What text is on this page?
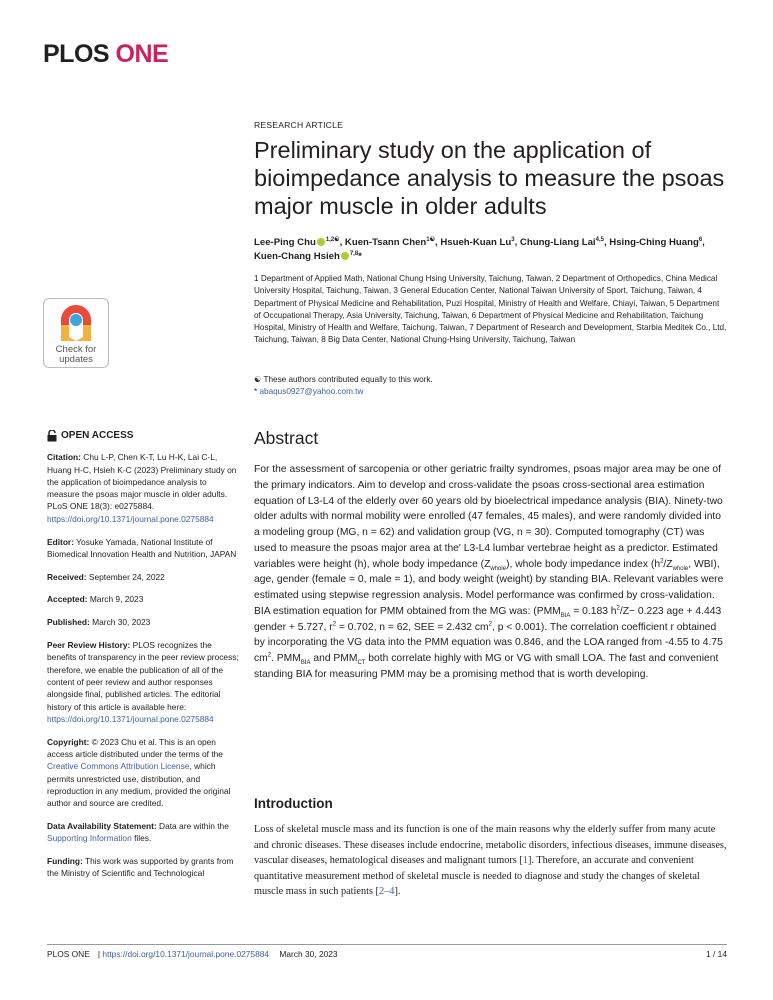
PLOS ONE
Check for
updates

OPEN ACCESS

Citation: Chu L-P, Chen K-T, Lu H-K, Lai C-L, Huang H-C, Hsieh K-C (2023) Preliminary study on the application of bioimpedance analysis to measure the psoas major muscle in older adults. PLoS ONE 18(3): e0275884. https://doi.org/10.1371/journal.pone.0275884

Editor: Yosuke Yamada, National Institute of Biomedical Innovation Health and Nutrition, JAPAN

Received: September 24, 2022

Accepted: March 9, 2023

Published: March 30, 2023

Peer Review History: PLOS recognizes the benefits of transparency in the peer review process; therefore, we enable the publication of all of the content of peer review and author responses alongside final, published articles. The editorial history of this article is available here: https://doi.org/10.1371/journal.pone.0275884

Copyright: © 2023 Chu et al. This is an open access article distributed under the terms of the Creative Commons Attribution License, which permits unrestricted use, distribution, and reproduction in any medium, provided the original author and source are credited.

Data Availability Statement: Data are within the Supporting Information files.

Funding: This work was supported by grants from the Ministry of Scientific and Technological

RESEARCH ARTICLE
Preliminary study on the application of bioimpedance analysis to measure the psoas major muscle in older adults
Lee-Ping Chu $^{1,2☯}$, Kuen-Tsann Chen$^{1☯}$, Hsueh-Kuan Lu$^3$, Chung-Liang Lai$^{4,5}$, Hsing-Ching Huang$^6$, Kuen-Chang Hsieh $^{7,8}$*
1 Department of Applied Math, National Chung Hsing University, Taichung, Taiwan, 2 Department of Orthopedics, China Medical University Hospital, Taichung, Taiwan, 3 General Education Center, National Taiwan University of Sport, Taichung, Taiwan, 4 Department of Physical Medicine and Rehabilitation, Puzi Hospital, Ministry of Health and Welfare, Chiayi, Taiwan, 5 Department of Occupational Therapy, Asia University, Taichung, Taiwan, 6 Department of Physical Medicine and Rehabilitation, Taichung Hospital, Ministry of Health and Welfare, Taichung, Taiwan, 7 Department of Research and Development, Starbia Meditek Co., Ltd, Taichung, Taiwan, 8 Big Data Center, National Chung-Hsing University, Taichung, Taiwan
☯ These authors contributed equally to this work.
* abaqus0927@yahoo.com.tw
Abstract
For the assessment of sarcopenia or other geriatric frailty syndromes, psoas major area may be one of the primary indicators. Aim to develop and cross-validate the psoas cross-sectional area estimation equation of L3-L4 of the elderly over 60 years old by bioelectrical impedance analysis (BIA). Ninety-two older adults with normal mobility were enrolled (47 females, 45 males), and were randomly divided into a modeling group (MG, n = 62) and validation group (VG, n = 30). Computed tomography (CT) was used to measure the psoas major area at the' L3-L4 lumbar vertebrae height as a predictor. Estimated variables were height (h), whole body impedance $(Z_{whole})$, whole body impedance index ($h^2/Z_{whole}$, WBI), age, gender (female = 0, male = 1), and body weight (weight) by standing BIA. Relevant variables were estimated using stepwise regression analysis. Model performance was confirmed by cross-validation. BIA estimation equation for PMM obtained from the MG was: ($PMM_{BIA} = 0.183$ $h^2/Z- 0.223$ age + 4.443 gender + 5.727, $r^2 = 0.702$, n = 62, SEE = 2.432 $cm^2$, p < 0.001). The correlation coefficient r obtained by incorporating the VG data into the PMM equation was 0.846, and the LOA ranged from -4.55 to 4.75 $cm^2$. $PMM_{BIA}$ and $PMM_{CT}$ both correlate highly with MG or VG with small LOA. The fast and convenient standing BIA for measuring PMM may be a promising method that is worth developing.
Introduction
Loss of skeletal muscle mass and its function is one of the main reasons why the elderly suffer from many acute and chronic diseases. These diseases include endocrine, metabolic disorders, infectious diseases, immune diseases, vascular diseases, hematological diseases and malignant tumors [1]. Therefore, an accurate and convenient quantitative measurement method of skeletal muscle is needed to diagnose and study the changes of skeletal muscle mass in such patients [2–4].
PLOS ONE | https://doi.org/10.1371/journal.pone.0275884 March 30, 2023	1 / 14
